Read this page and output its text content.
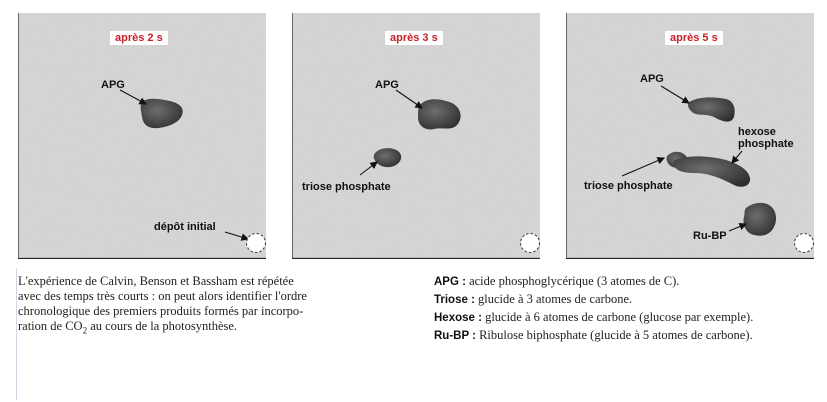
après 2 s
APG
dépôt initial
après 3 s
APG
triose phosphate
après 5 s
APG
hexose
phosphate
triose phosphate
Ru-BP
L'expérience de Calvin, Benson et Bassham est répétée
avec des temps très courts : on peut alors identifier l'ordre
chronologique des premiers produits formés par incorpo-
ration de $CO_2$ au cours de la photosynthèse.

APG : acide phosphoglycérique (3 atomes de C).

Triose : glucide à 3 atomes de carbone.

Hexose : glucide à 6 atomes de carbone (glucose par exemple).

Ru-BP : Ribulose biphosphate (glucide à 5 atomes de carbone).
